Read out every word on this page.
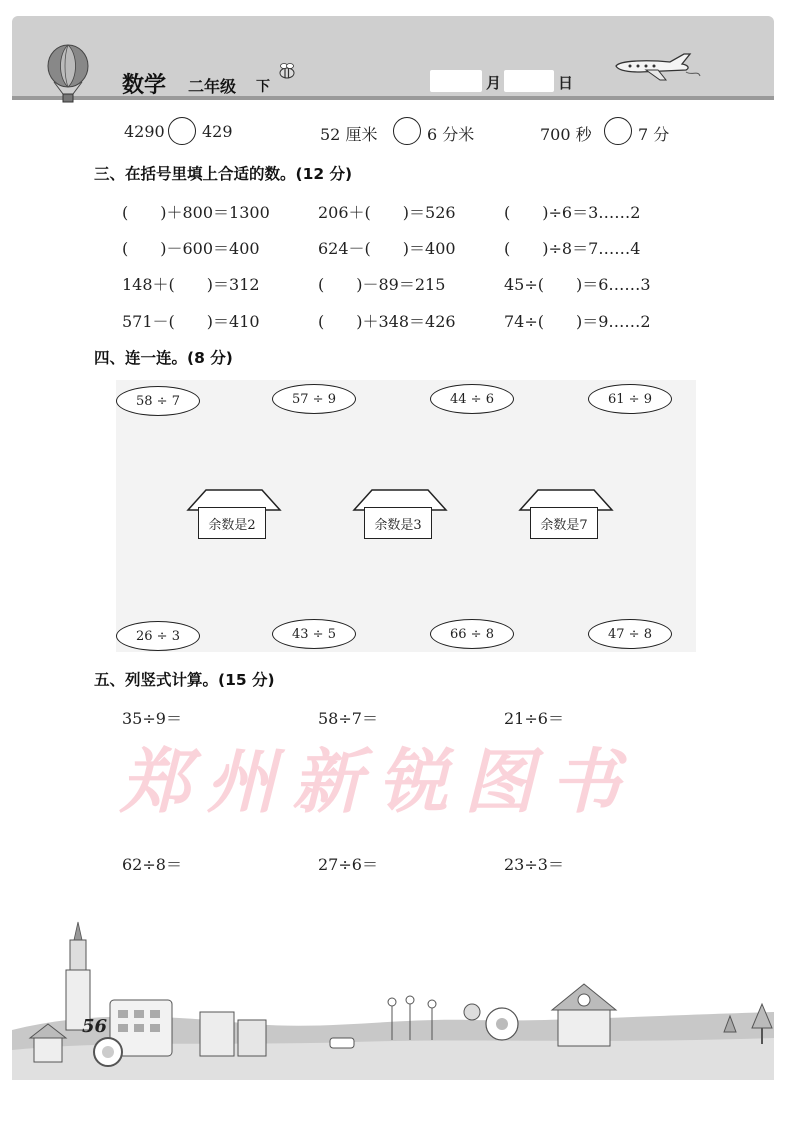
数学 二年级 下	月	日
4290 429	52 厘米	6 分米	700 秒	7 分
三、在括号里填上合适的数。(12 分)
(　　)＋800＝1300	206＋(　　)＝526	(　　)÷6＝3……2
(　　)－600＝400	624－(　　)＝400	(　　)÷8＝7……4
148＋(　　)＝312	(　　)－89＝215	45÷(　　)＝6……3
571－(　　)＝410	(　　)＋348＝426	74÷(　　)＝9……2
四、连一连。(8 分)
58 ÷ 7	57 ÷ 9	44 ÷ 6	61 ÷ 9
余数是2	余数是3	余数是7
26 ÷ 3	43 ÷ 5	66 ÷ 8	47 ÷ 8
五、列竖式计算。(15 分)
35÷9＝	58÷7＝	21÷6＝
郑州新锐图书
62÷8＝	27÷6＝	23÷3＝
56
